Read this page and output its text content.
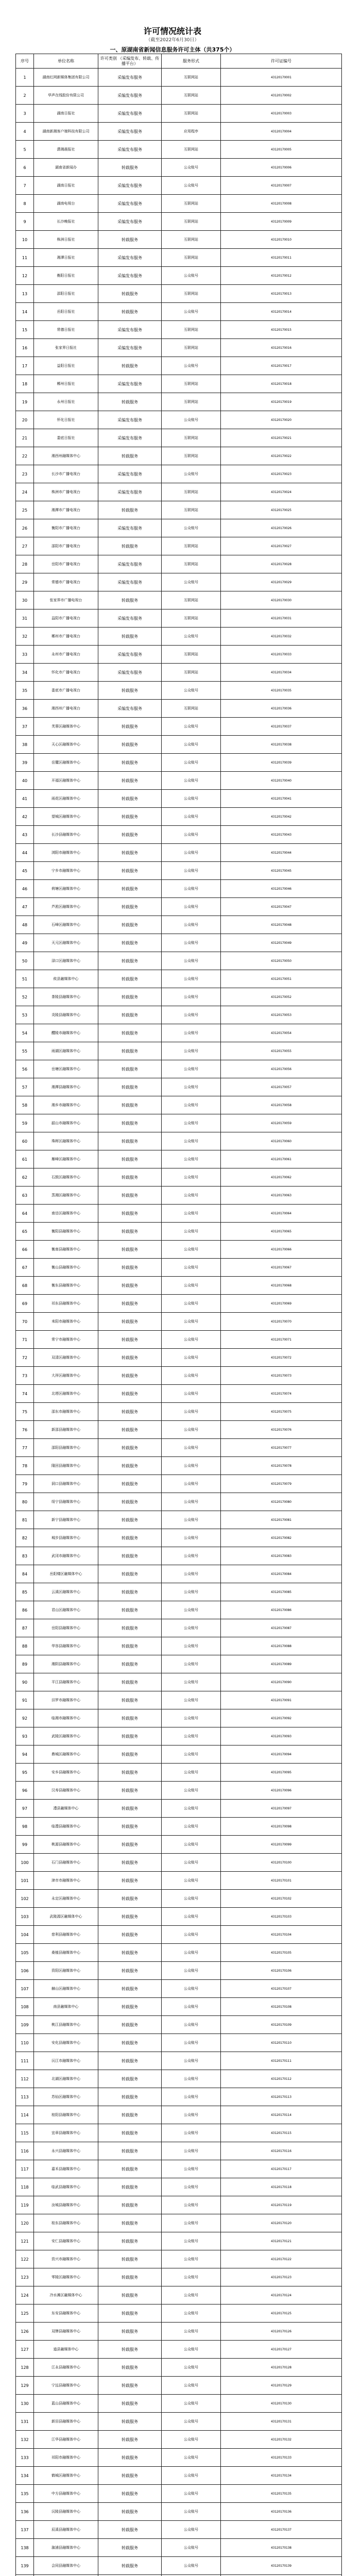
许可情况统计表
（截至2022年6月30日）
一、原湖南省新闻信息服务许可主体（共375个）
序号	单位名称	许可类别 （采编发布、转载、传播平台）	服务形式	许可证编号
1	湖南红网新媒体集团有限公司	采编发布服务	互联网站	43120170001
2	华声在线股份有限公司	采编发布服务	互联网站	43120170002
3	湖南日报社	采编发布服务	互联网站	43120170003
4	湖南新湘客户端科技有限公司	采编发布服务	应用程序	43120170004
5	潇湘晨报社	采编发布服务	互联网站	43120170005
6	湖南省新闻办	转载服务	公众账号	43120170006
7	湖南日报社	采编发布服务	公众账号	43120170007
8	湖南电视台	采编发布服务	互联网站	43120170008
9	长沙晚报社	采编发布服务	互联网站	43120170009
10	株洲日报社	转载服务	互联网站	43120170010
11	湘潭日报社	采编发布服务	互联网站	43120170011
12	衡阳日报社	采编发布服务	公众账号	43120170012
13	邵阳日报社	转载服务	互联网站	43120170013
14	岳阳日报社	转载服务	公众账号	43120170014
15	常德日报社	采编发布服务	互联网站	43120170015
16	张家界日报社	采编发布服务	互联网站	43120170016
17	益阳日报社	转载服务	公众账号	43120170017
18	郴州日报社	采编发布服务	互联网站	43120170018
19	永州日报社	转载服务	互联网站	43120170019
20	怀化日报社	采编发布服务	公众账号	43120170020
21	娄底日报社	采编发布服务	互联网站	43120170021
22	湘西州融媒体中心	转载服务	互联网站	43120170022
23	长沙市广播电视台	采编发布服务	公众账号	43120170023
24	株洲市广播电视台	采编发布服务	互联网站	43120170024
25	湘潭市广播电视台	转载服务	互联网站	43120170025
26	衡阳市广播电视台	采编发布服务	公众账号	43120170026
27	邵阳市广播电视台	转载服务	互联网站	43120170027
28	岳阳市广播电视台	采编发布服务	互联网站	43120170028
29	常德市广播电视台	采编发布服务	公众账号	43120170029
30	张家界市广播电视台	转载服务	互联网站	43120170030
31	益阳市广播电视台	采编发布服务	互联网站	43120170031
32	郴州市广播电视台	转载服务	公众账号	43120170032
33	永州市广播电视台	采编发布服务	互联网站	43120170033
34	怀化市广播电视台	采编发布服务	互联网站	43120170034
35	娄底市广播电视台	转载服务	公众账号	43120170035
36	湘西州广播电视台	采编发布服务	互联网站	43120170036
37	芙蓉区融媒体中心	转载服务	公众账号	43120170037
38	天心区融媒体中心	转载服务	公众账号	43120170038
39	岳麓区融媒体中心	转载服务	公众账号	43120170039
40	开福区融媒体中心	转载服务	公众账号	43120170040
41	雨花区融媒体中心	转载服务	公众账号	43120170041
42	望城区融媒体中心	转载服务	公众账号	43120170042
43	长沙县融媒体中心	转载服务	公众账号	43120170043
44	浏阳市融媒体中心	转载服务	公众账号	43120170044
45	宁乡市融媒体中心	转载服务	公众账号	43120170045
46	荷塘区融媒体中心	转载服务	公众账号	43120170046
47	芦淞区融媒体中心	转载服务	公众账号	43120170047
48	石峰区融媒体中心	转载服务	公众账号	43120170048
49	天元区融媒体中心	转载服务	公众账号	43120170049
50	渌口区融媒体中心	转载服务	公众账号	43120170050
51	攸县融媒体中心	转载服务	公众账号	43120170051
52	茶陵县融媒体中心	转载服务	公众账号	43120170052
53	炎陵县融媒体中心	转载服务	公众账号	43120170053
54	醴陵市融媒体中心	转载服务	公众账号	43120170054
55	雨湖区融媒体中心	转载服务	公众账号	43120170055
56	岳塘区融媒体中心	转载服务	公众账号	43120170056
57	湘潭县融媒体中心	转载服务	公众账号	43120170057
58	湘乡市融媒体中心	转载服务	公众账号	43120170058
59	韶山市融媒体中心	转载服务	公众账号	43120170059
60	珠晖区融媒体中心	转载服务	公众账号	43120170060
61	雁峰区融媒体中心	转载服务	公众账号	43120170061
62	石鼓区融媒体中心	转载服务	公众账号	43120170062
63	蒸湘区融媒体中心	转载服务	公众账号	43120170063
64	南岳区融媒体中心	转载服务	公众账号	43120170064
65	衡阳县融媒体中心	转载服务	公众账号	43120170065
66	衡南县融媒体中心	转载服务	公众账号	43120170066
67	衡山县融媒体中心	转载服务	公众账号	43120170067
68	衡东县融媒体中心	转载服务	公众账号	43120170068
69	祁东县融媒体中心	转载服务	公众账号	43120170069
70	耒阳市融媒体中心	转载服务	公众账号	43120170070
71	常宁市融媒体中心	转载服务	公众账号	43120170071
72	双清区融媒体中心	转载服务	公众账号	43120170072
73	大祥区融媒体中心	转载服务	公众账号	43120170073
74	北塔区融媒体中心	转载服务	公众账号	43120170074
75	邵东市融媒体中心	转载服务	公众账号	43120170075
76	新邵县融媒体中心	转载服务	公众账号	43120170076
77	邵阳县融媒体中心	转载服务	公众账号	43120170077
78	隆回县融媒体中心	转载服务	公众账号	43120170078
79	洞口县融媒体中心	转载服务	公众账号	43120170079
80	绥宁县融媒体中心	转载服务	公众账号	43120170080
81	新宁县融媒体中心	转载服务	公众账号	43120170081
82	城步县融媒体中心	转载服务	公众账号	43120170082
83	武冈市融媒体中心	转载服务	公众账号	43120170083
84	岳阳楼区融媒体中心	转载服务	公众账号	43120170084
85	云溪区融媒体中心	转载服务	公众账号	43120170085
86	君山区融媒体中心	转载服务	公众账号	43120170086
87	岳阳县融媒体中心	转载服务	公众账号	43120170087
88	华容县融媒体中心	转载服务	公众账号	43120170088
89	湘阴县融媒体中心	转载服务	公众账号	43120170089
90	平江县融媒体中心	转载服务	公众账号	43120170090
91	汨罗市融媒体中心	转载服务	公众账号	43120170091
92	临湘市融媒体中心	转载服务	公众账号	43120170092
93	武陵区融媒体中心	转载服务	公众账号	43120170093
94	鼎城区融媒体中心	转载服务	公众账号	43120170094
95	安乡县融媒体中心	转载服务	公众账号	43120170095
96	汉寿县融媒体中心	转载服务	公众账号	43120170096
97	澧县融媒体中心	转载服务	公众账号	43120170097
98	临澧县融媒体中心	转载服务	公众账号	43120170098
99	桃源县融媒体中心	转载服务	公众账号	43120170099
100	石门县融媒体中心	转载服务	公众账号	43120170100
101	津市市融媒体中心	转载服务	公众账号	43120170101
102	永定区融媒体中心	转载服务	公众账号	43120170102
103	武陵源区融媒体中心	转载服务	公众账号	43120170103
104	慈利县融媒体中心	转载服务	公众账号	43120170104
105	桑植县融媒体中心	转载服务	公众账号	43120170105
106	资阳区融媒体中心	转载服务	公众账号	43120170106
107	赫山区融媒体中心	转载服务	公众账号	43120170107
108	南县融媒体中心	转载服务	公众账号	43120170108
109	桃江县融媒体中心	转载服务	公众账号	43120170109
110	安化县融媒体中心	转载服务	公众账号	43120170110
111	沅江市融媒体中心	转载服务	公众账号	43120170111
112	北湖区融媒体中心	转载服务	公众账号	43120170112
113	苏仙区融媒体中心	转载服务	公众账号	43120170113
114	桂阳县融媒体中心	转载服务	公众账号	43120170114
115	宜章县融媒体中心	转载服务	公众账号	43120170115
116	永兴县融媒体中心	转载服务	公众账号	43120170116
117	嘉禾县融媒体中心	转载服务	公众账号	43120170117
118	临武县融媒体中心	转载服务	公众账号	43120170118
119	汝城县融媒体中心	转载服务	公众账号	43120170119
120	桂东县融媒体中心	转载服务	公众账号	43120170120
121	安仁县融媒体中心	转载服务	公众账号	43120170121
122	资兴市融媒体中心	转载服务	公众账号	43120170122
123	零陵区融媒体中心	转载服务	公众账号	43120170123
124	冷水滩区融媒体中心	转载服务	公众账号	43120170124
125	东安县融媒体中心	转载服务	公众账号	43120170125
126	双牌县融媒体中心	转载服务	公众账号	43120170126
127	道县融媒体中心	转载服务	公众账号	43120170127
128	江永县融媒体中心	转载服务	公众账号	43120170128
129	宁远县融媒体中心	转载服务	公众账号	43120170129
130	蓝山县融媒体中心	转载服务	公众账号	43120170130
131	新田县融媒体中心	转载服务	公众账号	43120170131
132	江华县融媒体中心	转载服务	公众账号	43120170132
133	祁阳市融媒体中心	转载服务	公众账号	43120170133
134	鹤城区融媒体中心	转载服务	公众账号	43120170134
135	中方县融媒体中心	转载服务	公众账号	43120170135
136	沅陵县融媒体中心	转载服务	公众账号	43120170136
137	辰溪县融媒体中心	转载服务	公众账号	43120170137
138	溆浦县融媒体中心	转载服务	公众账号	43120170138
139	会同县融媒体中心	转载服务	公众账号	43120170139
